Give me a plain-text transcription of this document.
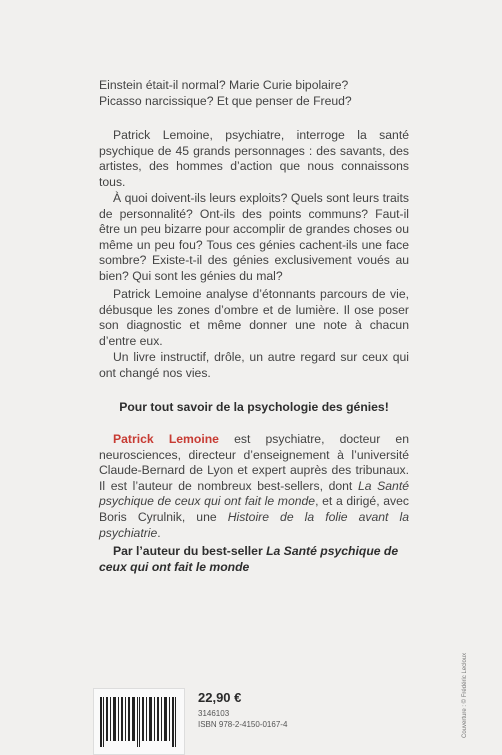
Einstein était-il normal? Marie Curie bipolaire?

Picasso narcissique? Et que penser de Freud?

Patrick Lemoine, psychiatre, interroge la santé psychique de 45 grands personnages : des savants, des artistes, des hommes d’action que nous connaissons tous.

À quoi doivent-ils leurs exploits? Quels sont leurs traits de personnalité? Ont-ils des points communs? Faut-il être un peu bizarre pour accomplir de grandes choses ou même un peu fou? Tous ces génies cachent-ils une face sombre? Existe-t-il des génies exclusivement voués au bien? Qui sont les génies du mal?

Patrick Lemoine analyse d’étonnants parcours de vie, débusque les zones d’ombre et de lumière. Il ose poser son diagnostic et même donner une note à chacun d’entre eux.

Un livre instructif, drôle, un autre regard sur ceux qui ont changé nos vies.

Pour tout savoir de la psychologie des génies!

Patrick Lemoine est psychiatre, docteur en neurosciences, directeur d’enseignement à l’université Claude-Bernard de Lyon et expert auprès des tribunaux. Il est l’auteur de nombreux best-sellers, dont La Santé psychique de ceux qui ont fait le monde, et a dirigé, avec Boris Cyrulnik, une Histoire de la folie avant la psychiatrie.

Par l’auteur du best-seller La Santé psychique de ceux qui ont fait le monde

22,90 €
3146103
ISBN 978-2-4150-0167-4	Couverture : © Frédéric Lecloux
